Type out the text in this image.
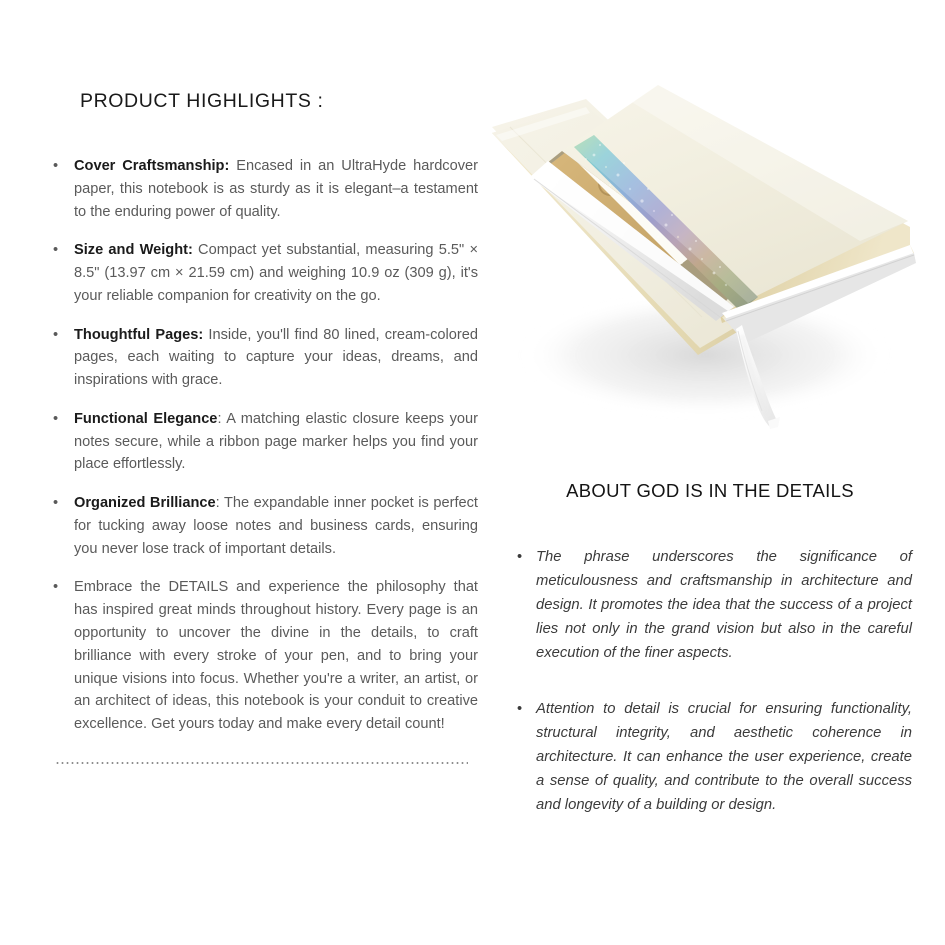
PRODUCT HIGHLIGHTS :
• Cover Craftsmanship: Encased in an UltraHyde hardcover paper, this notebook is as sturdy as it is elegant–a testament to the enduring power of quality.
• Size and Weight: Compact yet substantial, measuring 5.5" × 8.5" (13.97 cm × 21.59 cm) and weighing 10.9 oz (309 g), it's your reliable companion for creativity on the go.
• Thoughtful Pages: Inside, you'll find 80 lined, cream-colored pages, each waiting to capture your ideas, dreams, and inspirations with grace.
• Functional Elegance: A matching elastic closure keeps your notes secure, while a ribbon page marker helps you find your place effortlessly.
• Organized Brilliance: The expandable inner pocket is perfect for tucking away loose notes and business cards, ensuring you never lose track of important details.
• Embrace the DETAILS and experience the philosophy that has inspired great minds throughout history. Every page is an opportunity to uncover the divine in the details, to craft brilliance with every stroke of your pen, and to bring your unique visions into focus. Whether you're a writer, an artist, or an architect of ideas, this notebook is your conduit to creative excellence. Get yours today and make every detail count!
ABOUT GOD IS IN THE DETAILS
• The phrase underscores the significance of meticulousness and craftsmanship in architecture and design. It promotes the idea that the success of a project lies not only in the grand vision but also in the careful execution of the finer aspects.
• Attention to detail is crucial for ensuring functionality, structural integrity, and aesthetic coherence in architecture. It can enhance the user experience, create a sense of quality, and contribute to the overall success and longevity of a building or design.
